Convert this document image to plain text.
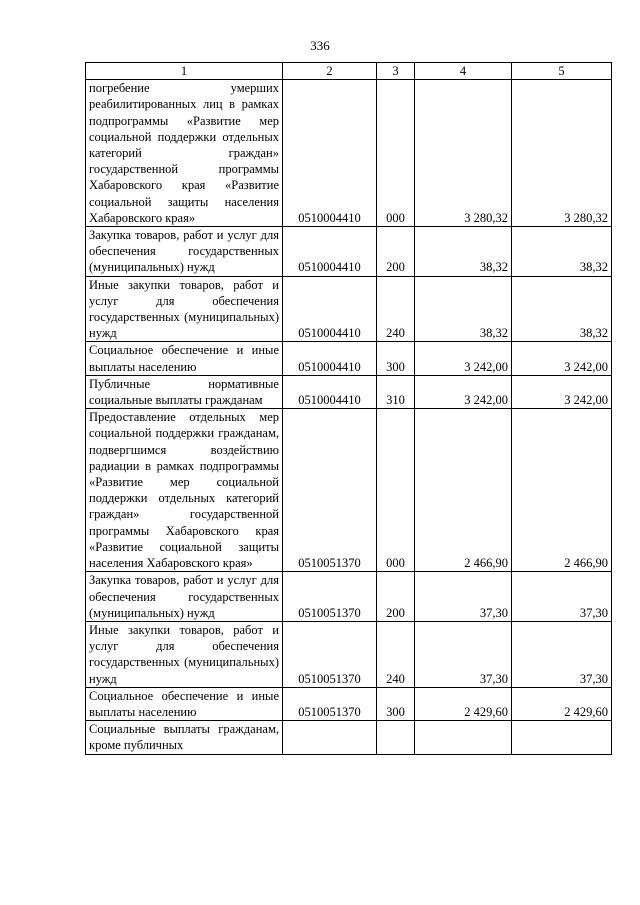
336
1	2	3	4	5
погребение умерших реабилитированных лиц в рамках подпрограммы «Развитие мер социальной поддержки отдельных категорий граждан» государственной программы Хабаровского края «Развитие социальной защиты населения Хабаровского края»	0510004410	000	3 280,32	3 280,32
Закупка товаров, работ и услуг для обеспечения государственных (муниципальных) нужд	0510004410	200	38,32	38,32
Иные закупки товаров, работ и услуг для обеспечения государственных (муниципальных) нужд	0510004410	240	38,32	38,32
Социальное обеспечение и иные выплаты населению	0510004410	300	3 242,00	3 242,00
Публичные нормативные социальные выплаты гражданам	0510004410	310	3 242,00	3 242,00
Предоставление отдельных мер социальной поддержки гражданам, подвергшимся воздействию радиации в рамках подпрограммы «Развитие мер социальной поддержки отдельных категорий граждан» государственной программы Хабаровского края «Развитие социальной защиты населения Хабаровского края»	0510051370	000	2 466,90	2 466,90
Закупка товаров, работ и услуг для обеспечения государственных (муниципальных) нужд	0510051370	200	37,30	37,30
Иные закупки товаров, работ и услуг для обеспечения государственных (муниципальных) нужд	0510051370	240	37,30	37,30
Социальное обеспечение и иные выплаты населению	0510051370	300	2 429,60	2 429,60
Социальные выплаты гражданам, кроме публичных				
